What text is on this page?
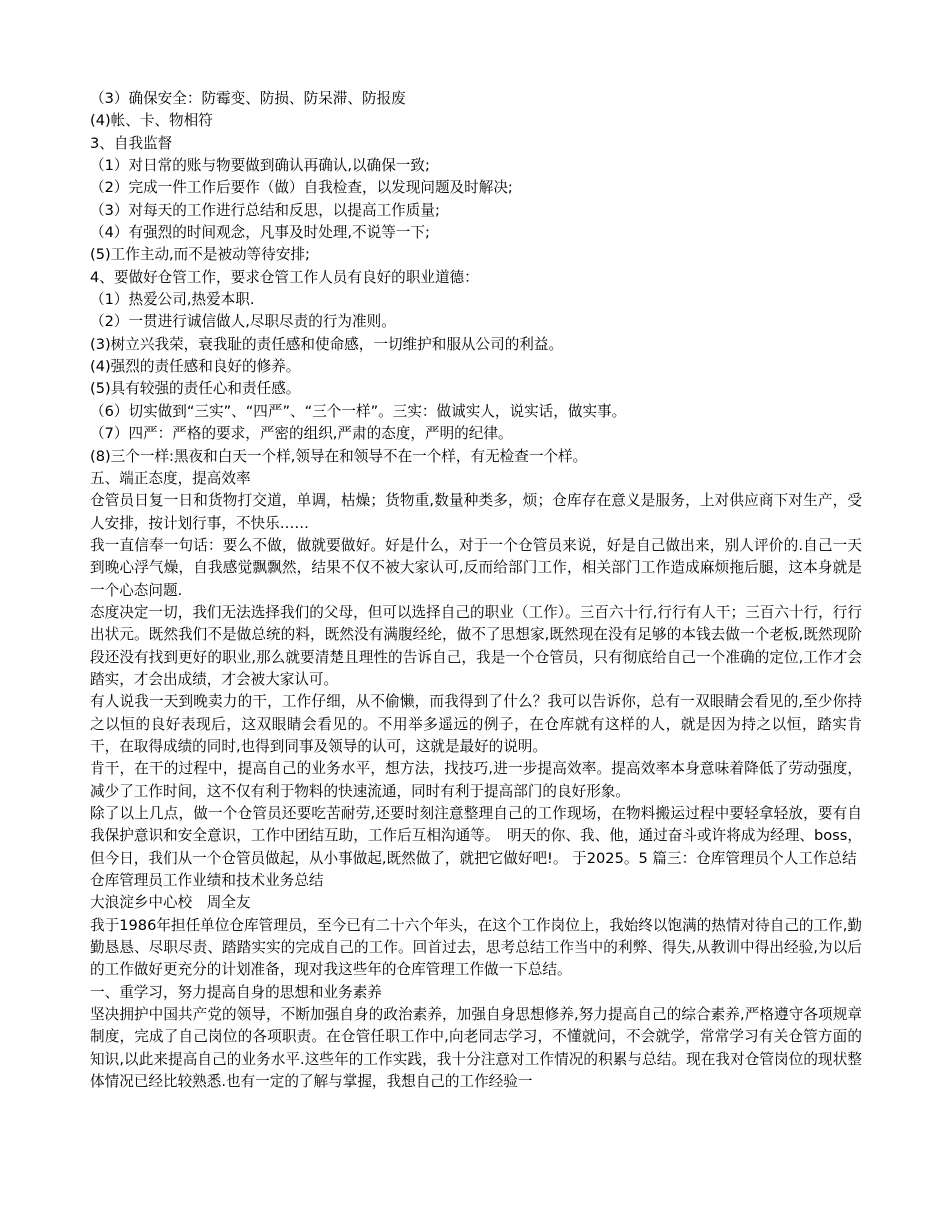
（3）确保安全：防霉变、防损、防呆滞、防报废
(4)帐、卡、物相符
3、自我监督
（1）对日常的账与物要做到确认再确认,以确保一致;
（2）完成一件工作后要作（做）自我检查，以发现问题及时解决;
（3）对每天的工作进行总结和反思，以提高工作质量;
（4）有强烈的时间观念，凡事及时处理,不说等一下;
(5)工作主动,而不是被动等待安排;
4、要做好仓管工作，要求仓管工作人员有良好的职业道德：
（1）热爱公司,热爱本职.
（2）一贯进行诚信做人,尽职尽责的行为准则。
(3)树立兴我荣，衰我耻的责任感和使命感，一切维护和服从公司的利益。
(4)强烈的责任感和良好的修养。
(5)具有较强的责任心和责任感。
（6）切实做到“三实”、“四严”、“三个一样”。三实：做诚实人，说实话，做实事。
（7）四严：严格的要求，严密的组织,严肃的态度，严明的纪律。
(8)三个一样:黑夜和白天一个样,领导在和领导不在一个样，有无检查一个样。
五、端正态度，提高效率
仓管员日复一日和货物打交道，单调，枯燥；货物重,数量种类多，烦；仓库存在意义是服务，上对供应商下对生产，受人安排，按计划行事，不快乐……
我一直信奉一句话：要么不做，做就要做好。好是什么，对于一个仓管员来说，好是自己做出来，别人评价的.自己一天到晚心浮气燥，自我感觉飘飘然，结果不仅不被大家认可,反而给部门工作，相关部门工作造成麻烦拖后腿，这本身就是一个心态问题.
态度决定一切，我们无法选择我们的父母，但可以选择自己的职业（工作）。三百六十行,行行有人干；三百六十行，行行出状元。既然我们不是做总统的料，既然没有满腹经纶，做不了思想家,既然现在没有足够的本钱去做一个老板,既然现阶段还没有找到更好的职业,那么就要清楚且理性的告诉自己，我是一个仓管员，只有彻底给自己一个准确的定位,工作才会踏实，才会出成绩，才会被大家认可。
有人说我一天到晚卖力的干，工作仔细，从不偷懒，而我得到了什么？我可以告诉你，总有一双眼睛会看见的,至少你持之以恒的良好表现后，这双眼睛会看见的。不用举多遥远的例子，在仓库就有这样的人，就是因为持之以恒，踏实肯干，在取得成绩的同时,也得到同事及领导的认可，这就是最好的说明。
肯干，在干的过程中，提高自己的业务水平，想方法，找技巧,进一步提高效率。提高效率本身意味着降低了劳动强度，减少了工作时间，这不仅有利于物料的快速流通，同时有利于提高部门的良好形象。
除了以上几点，做一个仓管员还要吃苦耐劳,还要时刻注意整理自己的工作现场，在物料搬运过程中要轻拿轻放，要有自我保护意识和安全意识，工作中团结互助，工作后互相沟通等。　明天的你、我、他，通过奋斗或许将成为经理、boss，但今日，我们从一个仓管员做起，从小事做起,既然做了，就把它做好吧!。 于2025。5 篇三：仓库管理员个人工作总结
仓库管理员工作业绩和技术业务总结
大浪淀乡中心校　周全友
我于1986年担任单位仓库管理员，至今已有二十六个年头，在这个工作岗位上，我始终以饱满的热情对待自己的工作,勤勤恳恳、尽职尽责、踏踏实实的完成自己的工作。回首过去，思考总结工作当中的利弊、得失,从教训中得出经验,为以后的工作做好更充分的计划准备，现对我这些年的仓库管理工作做一下总结。
一、重学习，努力提高自身的思想和业务素养
坚决拥护中国共产党的领导，不断加强自身的政治素养，加强自身思想修养,努力提高自己的综合素养,严格遵守各项规章制度，完成了自己岗位的各项职责。在仓管任职工作中,向老同志学习，不懂就问，不会就学，常常学习有关仓管方面的知识,以此来提高自己的业务水平.这些年的工作实践，我十分注意对工作情况的积累与总结。现在我对仓管岗位的现状整体情况已经比较熟悉.也有一定的了解与掌握，我想自己的工作经验一
